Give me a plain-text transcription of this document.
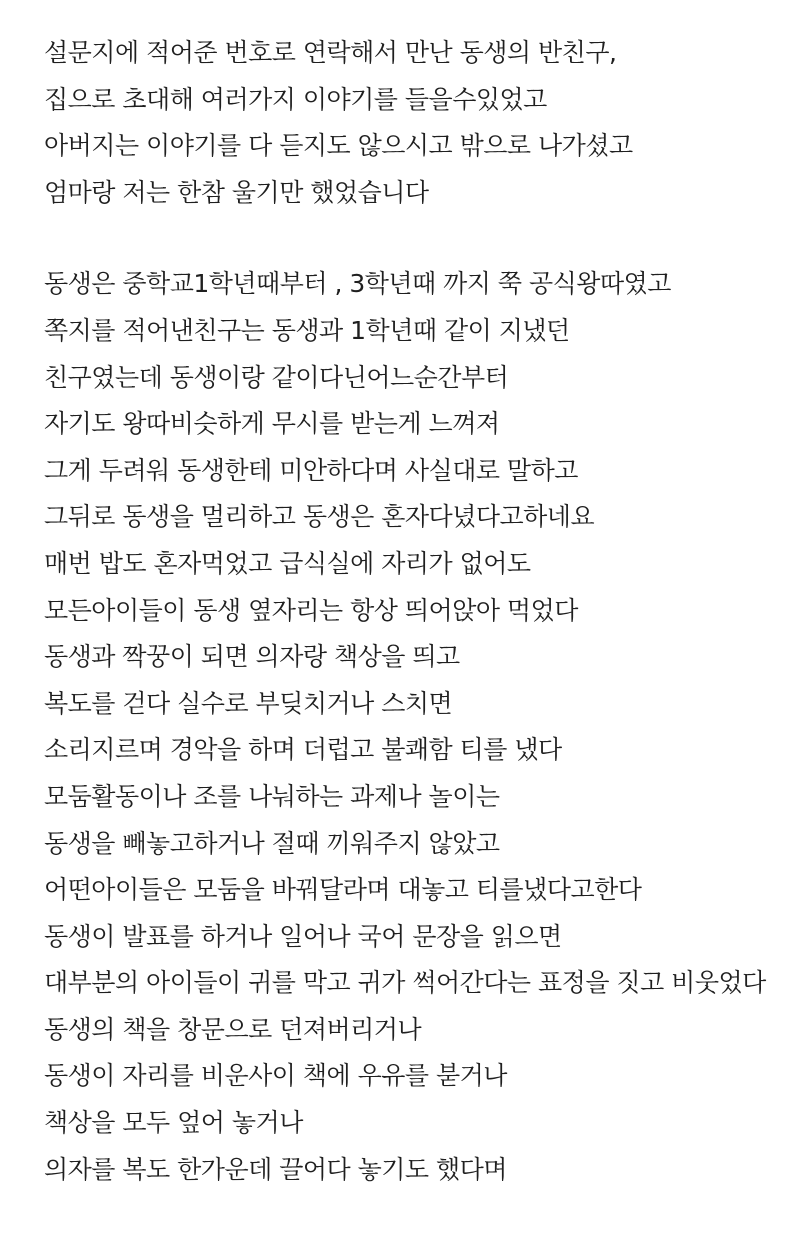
설문지에 적어준 번호로 연락해서 만난 동생의 반친구,
집으로 초대해 여러가지 이야기를 들을수있었고
아버지는 이야기를 다 듣지도 않으시고 밖으로 나가셨고
엄마랑 저는 한참 울기만 했었습니다
동생은 중학교1학년때부터 , 3학년때 까지 쭉 공식왕따였고
쪽지를 적어낸친구는 동생과 1학년때 같이 지냈던
친구였는데 동생이랑 같이다닌어느순간부터
자기도 왕따비슷하게 무시를 받는게 느껴져
그게 두려워 동생한테 미안하다며 사실대로 말하고
그뒤로 동생을 멀리하고 동생은 혼자다녔다고하네요
매번 밥도 혼자먹었고 급식실에 자리가 없어도
모든아이들이 동생 옆자리는 항상 띄어앉아 먹었다
동생과 짝꿍이 되면 의자랑 책상을 띄고
복도를 걷다 실수로 부딪치거나 스치면
소리지르며 경악을 하며 더럽고 불쾌함 티를 냈다
모둠활동이나 조를 나눠하는 과제나 놀이는
동생을 빼놓고하거나 절때 끼워주지 않았고
어떤아이들은 모둠을 바꿔달라며 대놓고 티를냈다고한다
동생이 발표를 하거나 일어나 국어 문장을 읽으면
대부분의 아이들이 귀를 막고 귀가 썩어간다는 표정을 짓고 비웃었다
동생의 책을 창문으로 던져버리거나
동생이 자리를 비운사이 책에 우유를 붇거나
책상을 모두 엎어 놓거나
의자를 복도 한가운데 끌어다 놓기도 했다며
